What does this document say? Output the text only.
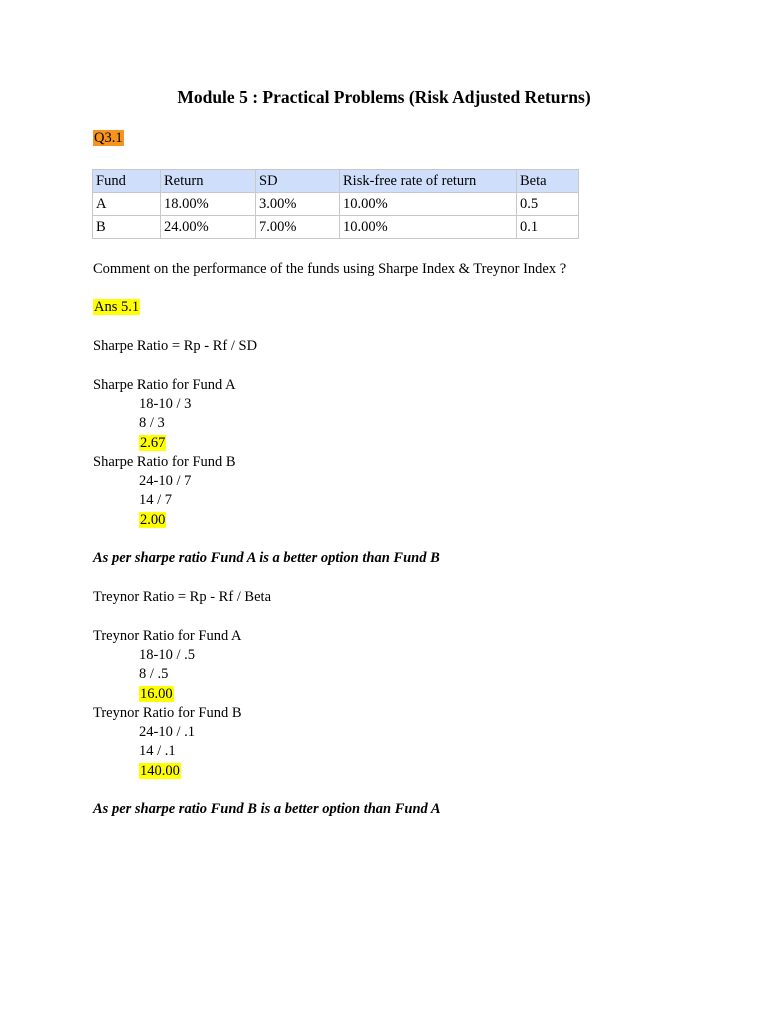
Module 5 : Practical Problems (Risk Adjusted Returns)
Q3.1
Fund	Return	SD	Risk-free rate of return	Beta
A	18.00%	3.00%	10.00%	0.5
B	24.00%	7.00%	10.00%	0.1
Comment on the performance of the funds using Sharpe Index & Treynor Index ?
Ans 5.1
Sharpe Ratio = Rp - Rf / SD
Sharpe Ratio for Fund A
18-10 / 3
8 / 3
2.67
Sharpe Ratio for Fund B
24-10 / 7
14 / 7
2.00
As per sharpe ratio Fund A is a better option than Fund B
Treynor Ratio = Rp - Rf / Beta
Treynor Ratio for Fund A
18-10 / .5
8 / .5
16.00
Treynor Ratio for Fund B
24-10 / .1
14 / .1
140.00
As per sharpe ratio Fund B is a better option than Fund A
